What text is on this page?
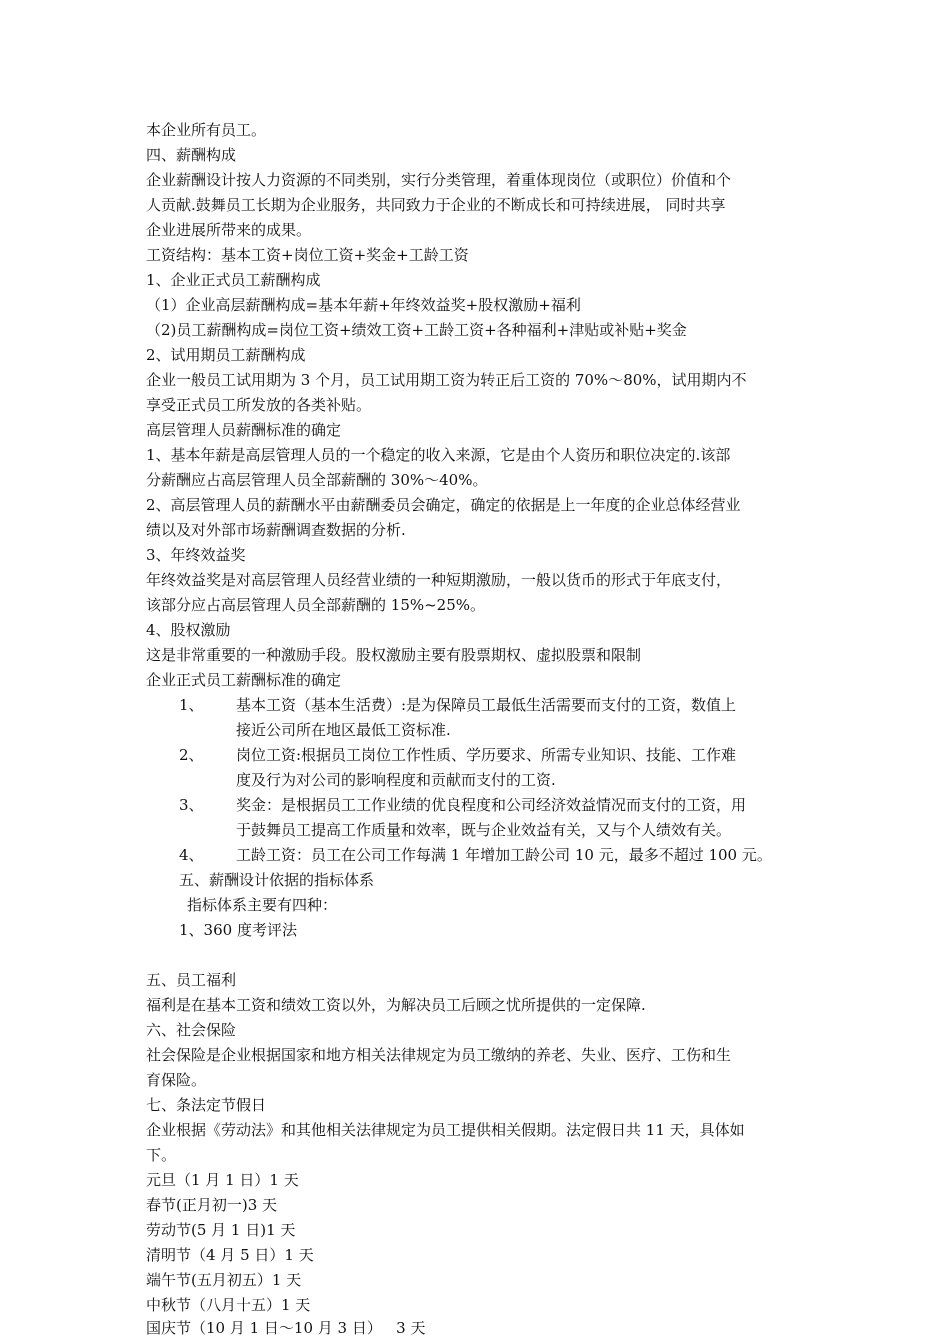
本企业所有员工。
四、薪酬构成
企业薪酬设计按人力资源的不同类别，实行分类管理，着重体现岗位（或职位）价值和个
人贡献.鼓舞员工长期为企业服务，共同致力于企业的不断成长和可持续进展， 同时共享
企业进展所带来的成果。
工资结构：基本工资+岗位工资+奖金+工龄工资
1、企业正式员工薪酬构成
（1）企业高层薪酬构成=基本年薪+年终效益奖+股权激励+福利
（2)员工薪酬构成=岗位工资+绩效工资+工龄工资+各种福利+津贴或补贴+奖金
2、试用期员工薪酬构成
企业一般员工试用期为 3 个月，员工试用期工资为转正后工资的 70%～80%，试用期内不
享受正式员工所发放的各类补贴。
高层管理人员薪酬标准的确定
1、基本年薪是高层管理人员的一个稳定的收入来源，它是由个人资历和职位决定的.该部
分薪酬应占高层管理人员全部薪酬的 30%～40%。
2、高层管理人员的薪酬水平由薪酬委员会确定，确定的依据是上一年度的企业总体经营业
绩以及对外部市场薪酬调查数据的分析.
3、年终效益奖
年终效益奖是对高层管理人员经营业绩的一种短期激励，一般以货币的形式于年底支付，
该部分应占高层管理人员全部薪酬的 15%~25%。
4、股权激励
这是非常重要的一种激励手段。股权激励主要有股票期权、虚拟股票和限制
企业正式员工薪酬标准的确定
1、 基本工资（基本生活费）:是为保障员工最低生活需要而支付的工资，数值上
接近公司所在地区最低工资标准.
2、 岗位工资:根据员工岗位工作性质、学历要求、所需专业知识、技能、工作难
度及行为对公司的影响程度和贡献而支付的工资.
3、 奖金：是根据员工工作业绩的优良程度和公司经济效益情况而支付的工资，用
于鼓舞员工提高工作质量和效率，既与企业效益有关，又与个人绩效有关。
4、 工龄工资：员工在公司工作每满 1 年增加工龄公司 10 元，最多不超过 100 元。
五、薪酬设计依据的指标体系
指标体系主要有四种：
1、360 度考评法
五、员工福利
福利是在基本工资和绩效工资以外，为解决员工后顾之忧所提供的一定保障.
六、社会保险
社会保险是企业根据国家和地方相关法律规定为员工缴纳的养老、失业、医疗、工伤和生
育保险。
七、条法定节假日
企业根据《劳动法》和其他相关法律规定为员工提供相关假期。法定假日共 11 天，具体如
下。
元旦（1 月 1 日）1 天
春节(正月初一)3 天
劳动节(5 月 1 日)1 天
清明节（4 月 5 日）1 天
端午节(五月初五）1 天
中秋节（八月十五）1 天
国庆节（10 月 1 日～10 月 3 日）   3 天
